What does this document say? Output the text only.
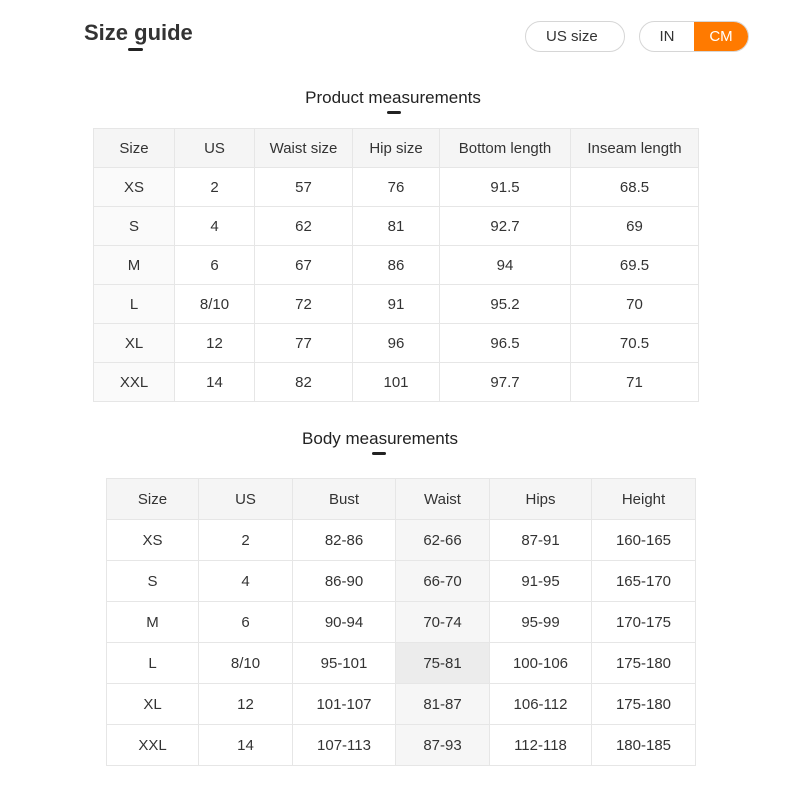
Size guide	US size	IN	CM
Product measurements
Size	US	Waist size	Hip size	Bottom length	Inseam length
XS	2	57	76	91.5	68.5
S	4	62	81	92.7	69
M	6	67	86	94	69.5
L	8/10	72	91	95.2	70
XL	12	77	96	96.5	70.5
XXL	14	82	101	97.7	71
Body measurements
Size	US	Bust	Waist	Hips	Height
XS	2	82-86	62-66	87-91	160-165
S	4	86-90	66-70	91-95	165-170
M	6	90-94	70-74	95-99	170-175
L	8/10	95-101	75-81	100-106	175-180
XL	12	101-107	81-87	106-112	175-180
XXL	14	107-113	87-93	112-118	180-185
